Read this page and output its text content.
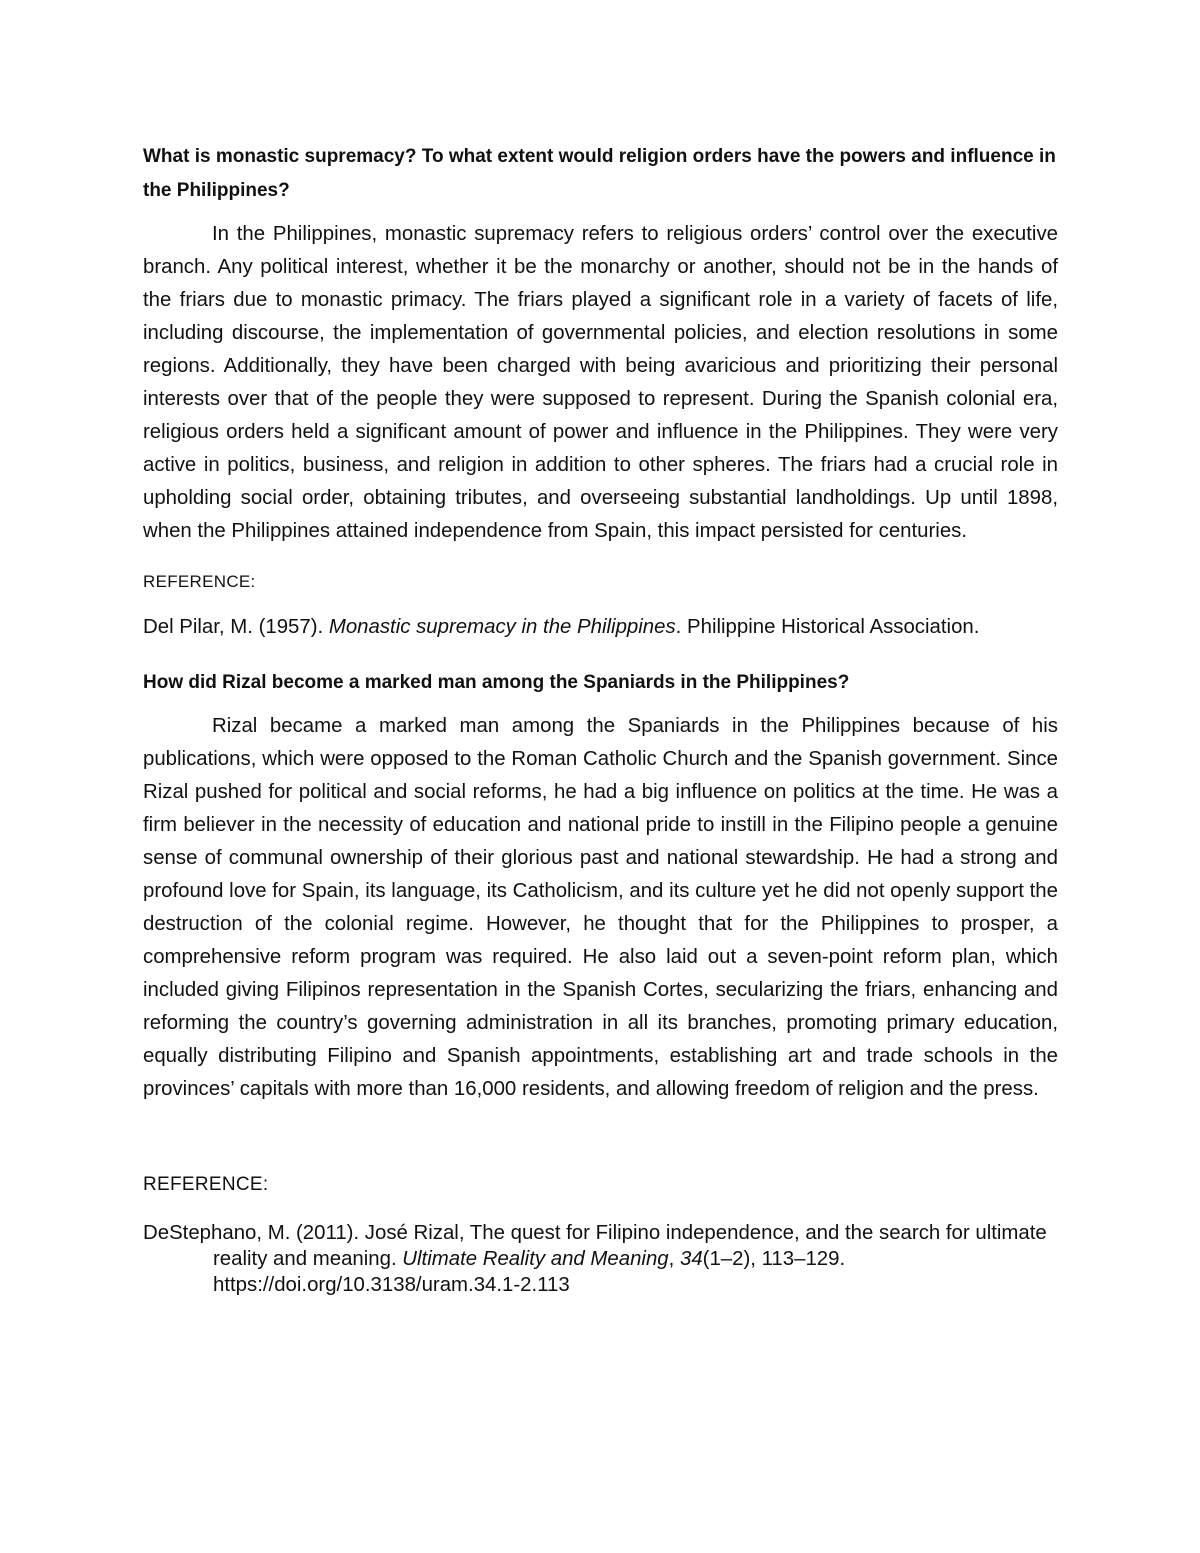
What is monastic supremacy? To what extent would religion orders have the powers and influence in the Philippines?

In the Philippines, monastic supremacy refers to religious orders’ control over the executive branch. Any political interest, whether it be the monarchy or another, should not be in the hands of the friars due to monastic primacy. The friars played a significant role in a variety of facets of life, including discourse, the implementation of governmental policies, and election resolutions in some regions. Additionally, they have been charged with being avaricious and prioritizing their personal interests over that of the people they were supposed to represent. During the Spanish colonial era, religious orders held a significant amount of power and influence in the Philippines. They were very active in politics, business, and religion in addition to other spheres. The friars had a crucial role in upholding social order, obtaining tributes, and overseeing substantial landholdings. Up until 1898, when the Philippines attained independence from Spain, this impact persisted for centuries.

REFERENCE:

Del Pilar, M. (1957). Monastic supremacy in the Philippines. Philippine Historical Association.

How did Rizal become a marked man among the Spaniards in the Philippines?

Rizal became a marked man among the Spaniards in the Philippines because of his publications, which were opposed to the Roman Catholic Church and the Spanish government. Since Rizal pushed for political and social reforms, he had a big influence on politics at the time. He was a firm believer in the necessity of education and national pride to instill in the Filipino people a genuine sense of communal ownership of their glorious past and national stewardship. He had a strong and profound love for Spain, its language, its Catholicism, and its culture yet he did not openly support the destruction of the colonial regime. However, he thought that for the Philippines to prosper, a comprehensive reform program was required. He also laid out a seven-point reform plan, which included giving Filipinos representation in the Spanish Cortes, secularizing the friars, enhancing and reforming the country’s governing administration in all its branches, promoting primary education, equally distributing Filipino and Spanish appointments, establishing art and trade schools in the provinces’ capitals with more than 16,000 residents, and allowing freedom of religion and the press.

REFERENCE:

DeStephano, M. (2011). José Rizal, The quest for Filipino independence, and the search for ultimate reality and meaning. Ultimate Reality and Meaning, 34(1–2), 113–129.
https://doi.org/10.3138/uram.34.1-2.113
